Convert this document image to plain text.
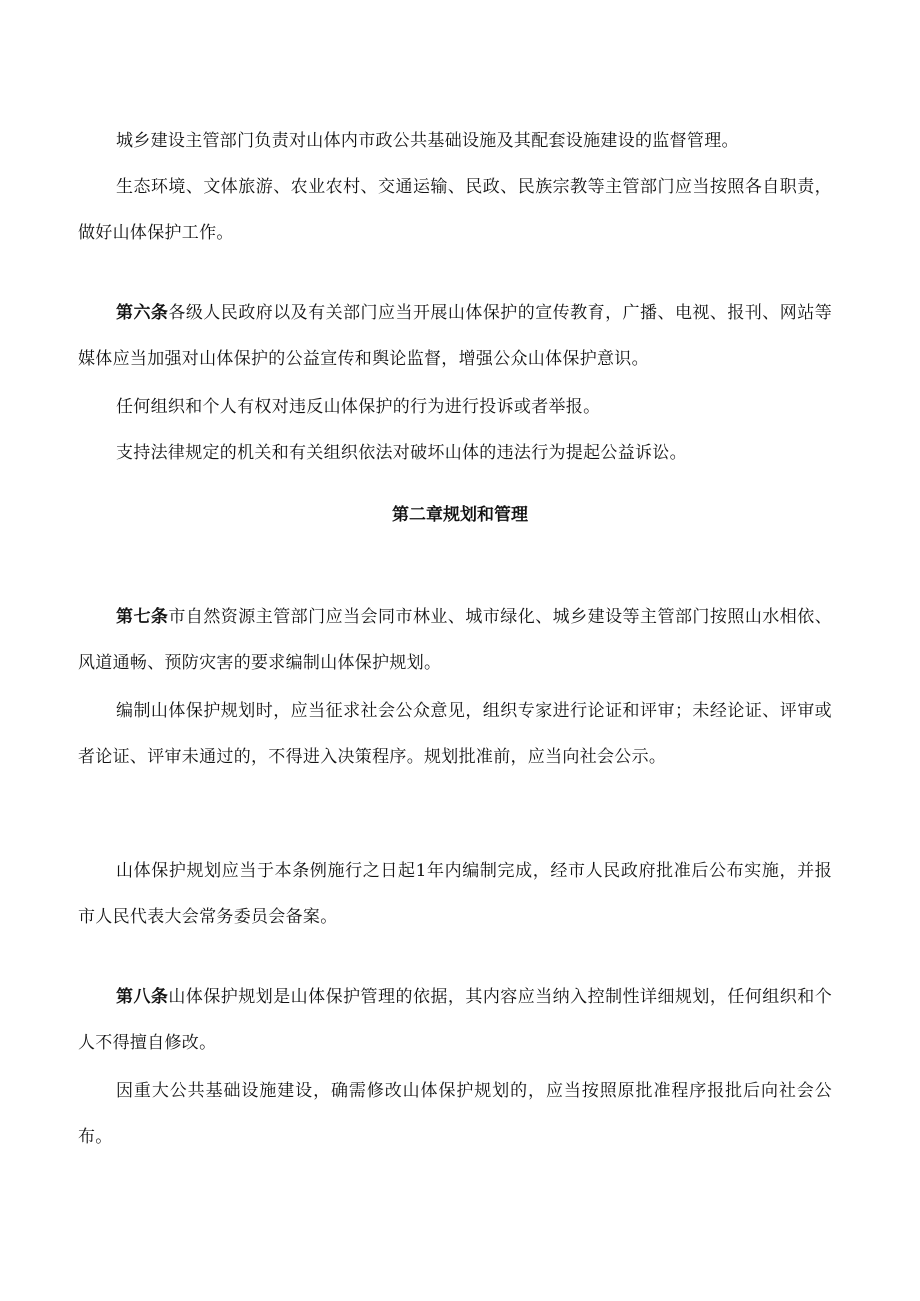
城乡建设主管部门负责对山体内市政公共基础设施及其配套设施建设的监督管理。

生态环境、文体旅游、农业农村、交通运输、民政、民族宗教等主管部门应当按照各自职责，做好山体保护工作。

第六条各级人民政府以及有关部门应当开展山体保护的宣传教育，广播、电视、报刊、网站等媒体应当加强对山体保护的公益宣传和舆论监督，增强公众山体保护意识。

任何组织和个人有权对违反山体保护的行为进行投诉或者举报。

支持法律规定的机关和有关组织依法对破坏山体的违法行为提起公益诉讼。

第二章规划和管理

第七条市自然资源主管部门应当会同市林业、城市绿化、城乡建设等主管部门按照山水相依、风道通畅、预防灾害的要求编制山体保护规划。

编制山体保护规划时，应当征求社会公众意见，组织专家进行论证和评审；未经论证、评审或者论证、评审未通过的，不得进入决策程序。规划批准前，应当向社会公示。

山体保护规划应当于本条例施行之日起1年内编制完成，经市人民政府批准后公布实施，并报市人民代表大会常务委员会备案。

第八条山体保护规划是山体保护管理的依据，其内容应当纳入控制性详细规划，任何组织和个人不得擅自修改。

因重大公共基础设施建设，确需修改山体保护规划的，应当按照原批准程序报批后向社会公布。
